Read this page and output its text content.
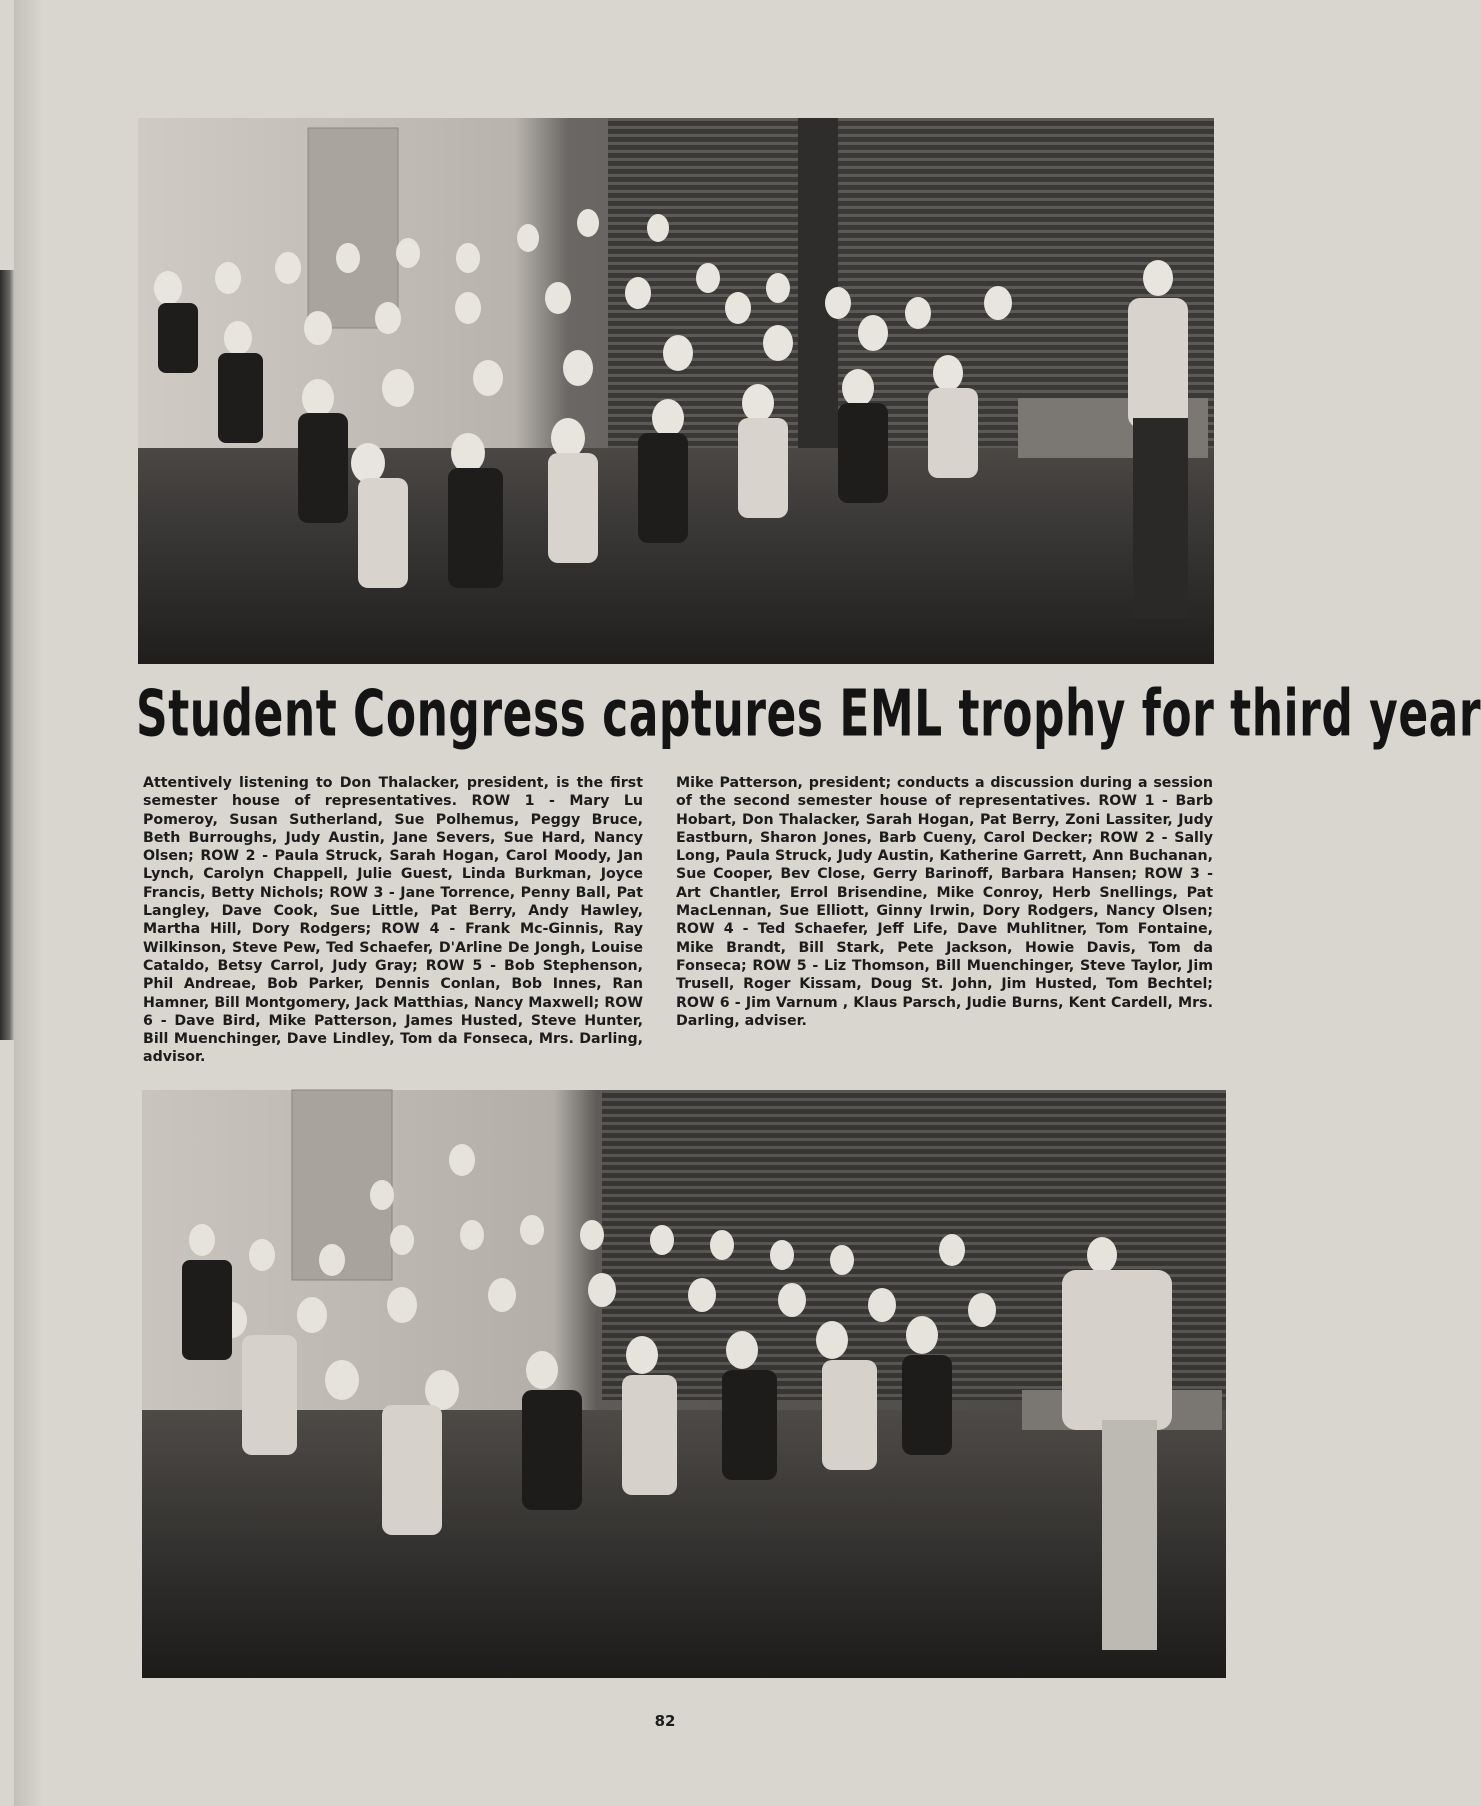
Student Congress captures EML trophy for third year

Attentively listening to Don Thalacker, president, is the first semester house of representatives. ROW 1 - Mary Lu Pomeroy, Susan Sutherland, Sue Polhemus, Peggy Bruce, Beth Burroughs, Judy Austin, Jane Severs, Sue Hard, Nancy Olsen; ROW 2 - Paula Struck, Sarah Hogan, Carol Moody, Jan Lynch, Carolyn Chappell, Julie Guest, Linda Burkman, Joyce Francis, Betty Nichols; ROW 3 - Jane Torrence, Penny Ball, Pat Langley, Dave Cook, Sue Little, Pat Berry, Andy Hawley, Martha Hill, Dory Rodgers; ROW 4 - Frank Mc-Ginnis, Ray Wilkinson, Steve Pew, Ted Schaefer, D'Arline De Jongh, Louise Cataldo, Betsy Carrol, Judy Gray; ROW 5 - Bob Stephenson, Phil Andreae, Bob Parker, Dennis Conlan, Bob Innes, Ran Hamner, Bill Montgomery, Jack Matthias, Nancy Maxwell; ROW 6 - Dave Bird, Mike Patterson, James Husted, Steve Hunter, Bill Muenchinger, Dave Lindley, Tom da Fonseca, Mrs. Darling, advisor.

Mike Patterson, president; conducts a discussion during a session of the second semester house of representatives. ROW 1 - Barb Hobart, Don Thalacker, Sarah Hogan, Pat Berry, Zoni Lassiter, Judy Eastburn, Sharon Jones, Barb Cueny, Carol Decker; ROW 2 - Sally Long, Paula Struck, Judy Austin, Katherine Garrett, Ann Buchanan, Sue Cooper, Bev Close, Gerry Barinoff, Barbara Hansen; ROW 3 - Art Chantler, Errol Brisendine, Mike Conroy, Herb Snellings, Pat MacLennan, Sue Elliott, Ginny Irwin, Dory Rodgers, Nancy Olsen; ROW 4 - Ted Schaefer, Jeff Life, Dave Muhlitner, Tom Fontaine, Mike Brandt, Bill Stark, Pete Jackson, Howie Davis, Tom da Fonseca; ROW 5 - Liz Thomson, Bill Muenchinger, Steve Taylor, Jim Trusell, Roger Kissam, Doug St. John, Jim Husted, Tom Bechtel; ROW 6 - Jim Varnum , Klaus Parsch, Judie Burns, Kent Cardell, Mrs. Darling, adviser.

82
